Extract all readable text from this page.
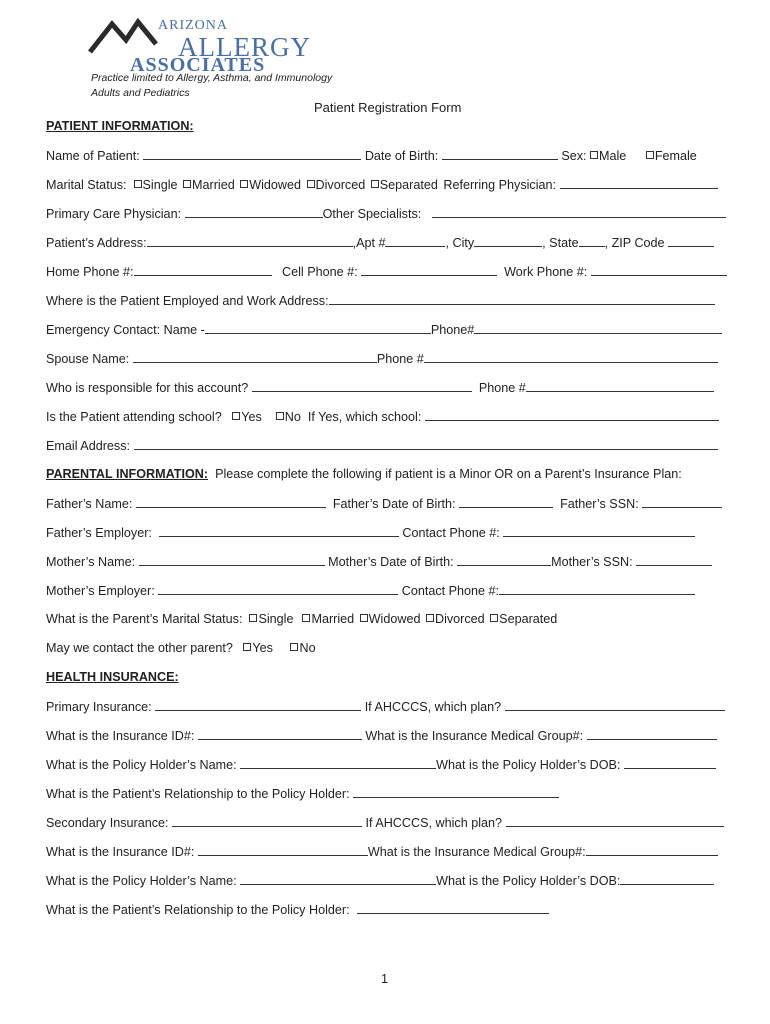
ARIZONA
ALLERGY
ASSOCIATES
Practice limited to Allergy, Asthma, and Immunology
Adults and Pediatrics
Patient Registration Form
PATIENT INFORMATION:
Name of Patient:	Date of Birth:	Sex: Male Female
Marital Status: Single Married Widowed Divorced Separated Referring Physician:
Primary Care Physician:	Other Specialists:
Patient’s Address:	,Apt #	, City	, State , ZIP Code
Home Phone #:	Cell Phone #:	Work Phone #:
Where is the Patient Employed and Work Address:
Emergency Contact: Name -	Phone#
Spouse Name:	Phone #
Who is responsible for this account?	Phone #
Is the Patient attending school? Yes No If Yes, which school:
Email Address:
PARENTAL INFORMATION: Please complete the following if patient is a Minor OR on a Parent’s Insurance Plan:
Father’s Name:	Father’s Date of Birth:	Father’s SSN:
Father’s Employer:	Contact Phone #:
Mother’s Name:	Mother’s Date of Birth:	Mother’s SSN:
Mother’s Employer:	Contact Phone #:
What is the Parent’s Marital Status: Single Married Widowed Divorced Separated
May we contact the other parent? Yes No
HEALTH INSURANCE:
Primary Insurance:	If AHCCCS, which plan?
What is the Insurance ID#:	What is the Insurance Medical Group#:
What is the Policy Holder’s Name:	What is the Policy Holder’s DOB:
What is the Patient’s Relationship to the Policy Holder:
Secondary Insurance:	If AHCCCS, which plan?
What is the Insurance ID#:	What is the Insurance Medical Group#:
What is the Policy Holder’s Name:	What is the Policy Holder’s DOB:
What is the Patient’s Relationship to the Policy Holder:
1
